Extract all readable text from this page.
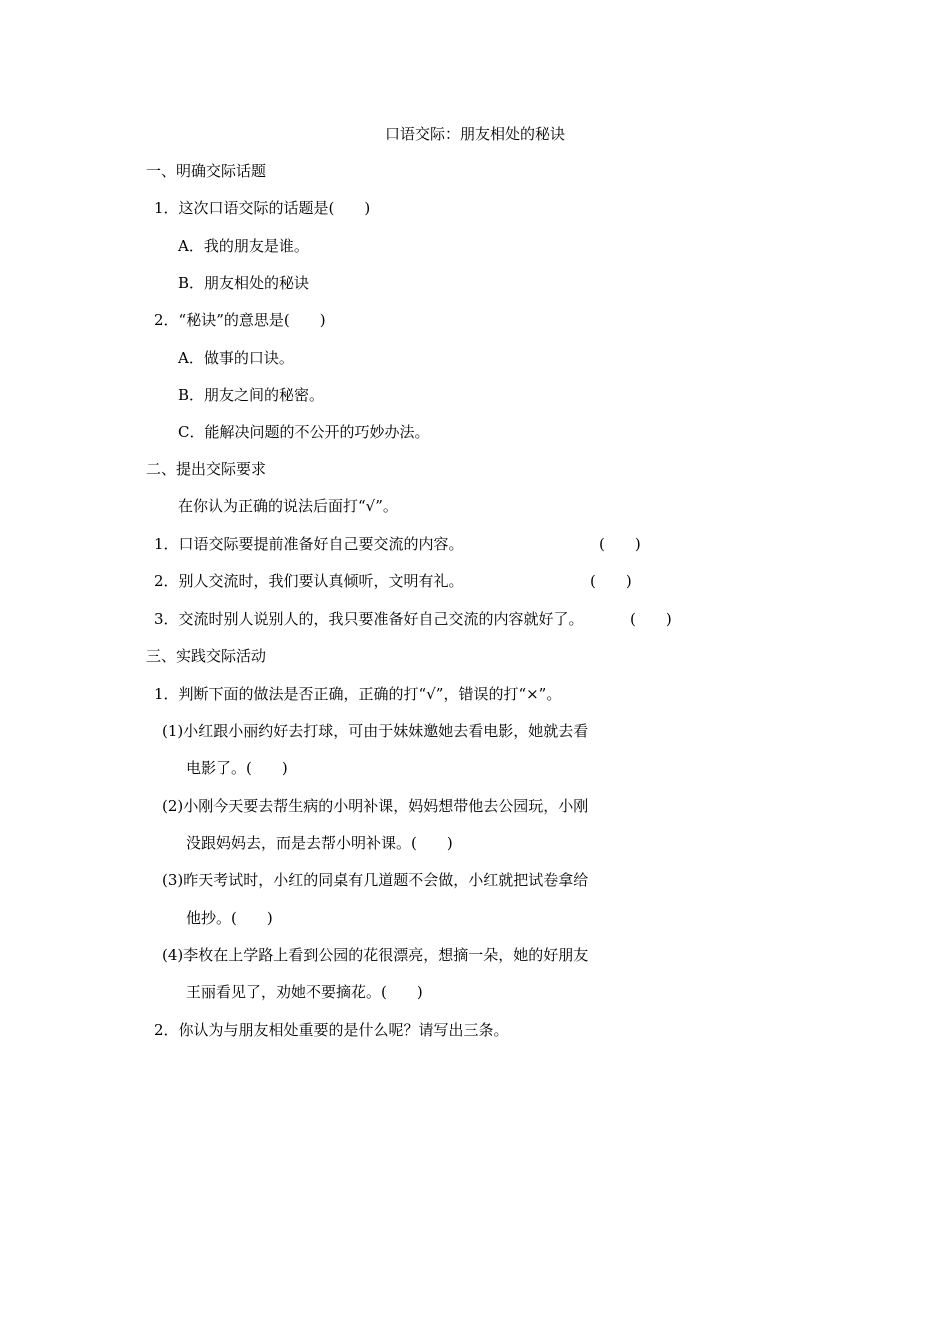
口语交际：朋友相处的秘诀
一、明确交际话题
1．这次口语交际的话题是(　　)
A．我的朋友是谁。
B．朋友相处的秘诀
2．“秘诀”的意思是(　　)
A．做事的口诀。
B．朋友之间的秘密。
C．能解决问题的不公开的巧妙办法。
二、提出交际要求
在你认为正确的说法后面打“√”。
1．口语交际要提前准备好自己要交流的内容。	(　　)
2．别人交流时，我们要认真倾听，文明有礼。	(　　)
3．交流时别人说别人的，我只要准备好自己交流的内容就好了。	(　　)
三、实践交际活动
1．判断下面的做法是否正确，正确的打“√”，错误的打“×”。
(1)小红跟小丽约好去打球，可由于妹妹邀她去看电影，她就去看
电影了。(　　)
(2)小刚今天要去帮生病的小明补课，妈妈想带他去公园玩，小刚
没跟妈妈去，而是去帮小明补课。(　　)
(3)昨天考试时，小红的同桌有几道题不会做，小红就把试卷拿给
他抄。(　　)
(4)李枚在上学路上看到公园的花很漂亮，想摘一朵，她的好朋友
王丽看见了，劝她不要摘花。(　　)
2．你认为与朋友相处重要的是什么呢？请写出三条。
